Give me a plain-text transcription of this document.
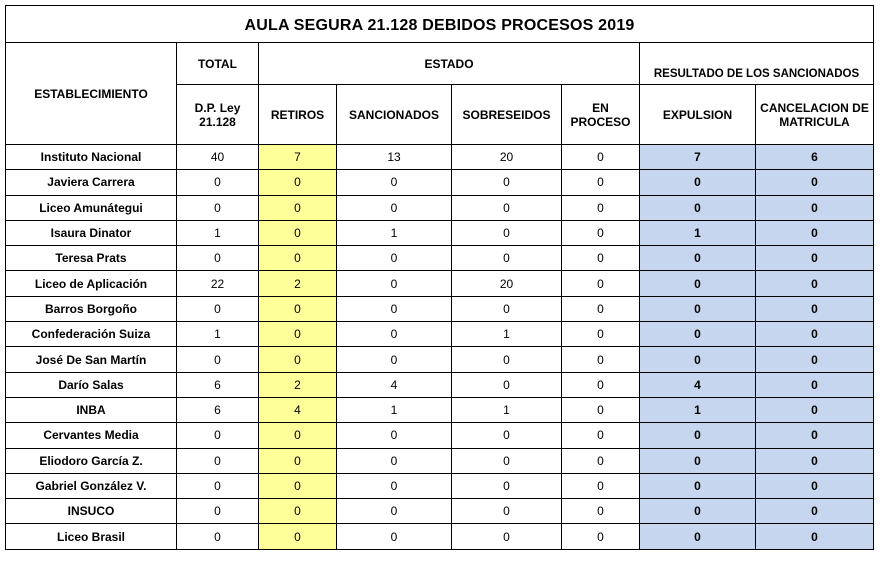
AULA SEGURA 21.128 DEBIDOS PROCESOS 2019							
ESTABLECIMIENTO	TOTAL	ESTADO				RESULTADO DE LOS SANCIONADOS	
	D.P. Ley 21.128	RETIROS	SANCIONADOS	SOBRESEIDOS	EN PROCESO	EXPULSION	CANCELACION DE MATRICULA
Instituto Nacional	40	7	13	20	0	7	6
Javiera Carrera	0	0	0	0	0	0	0
Liceo Amunátegui	0	0	0	0	0	0	0
Isaura Dinator	1	0	1	0	0	1	0
Teresa Prats	0	0	0	0	0	0	0
Liceo de Aplicación	22	2	0	20	0	0	0
Barros Borgoño	0	0	0	0	0	0	0
Confederación Suiza	1	0	0	1	0	0	0
José De San Martín	0	0	0	0	0	0	0
Darío Salas	6	2	4	0	0	4	0
INBA	6	4	1	1	0	1	0
Cervantes Media	0	0	0	0	0	0	0
Eliodoro García Z.	0	0	0	0	0	0	0
Gabriel González V.	0	0	0	0	0	0	0
INSUCO	0	0	0	0	0	0	0
Liceo Brasil	0	0	0	0	0	0	0
